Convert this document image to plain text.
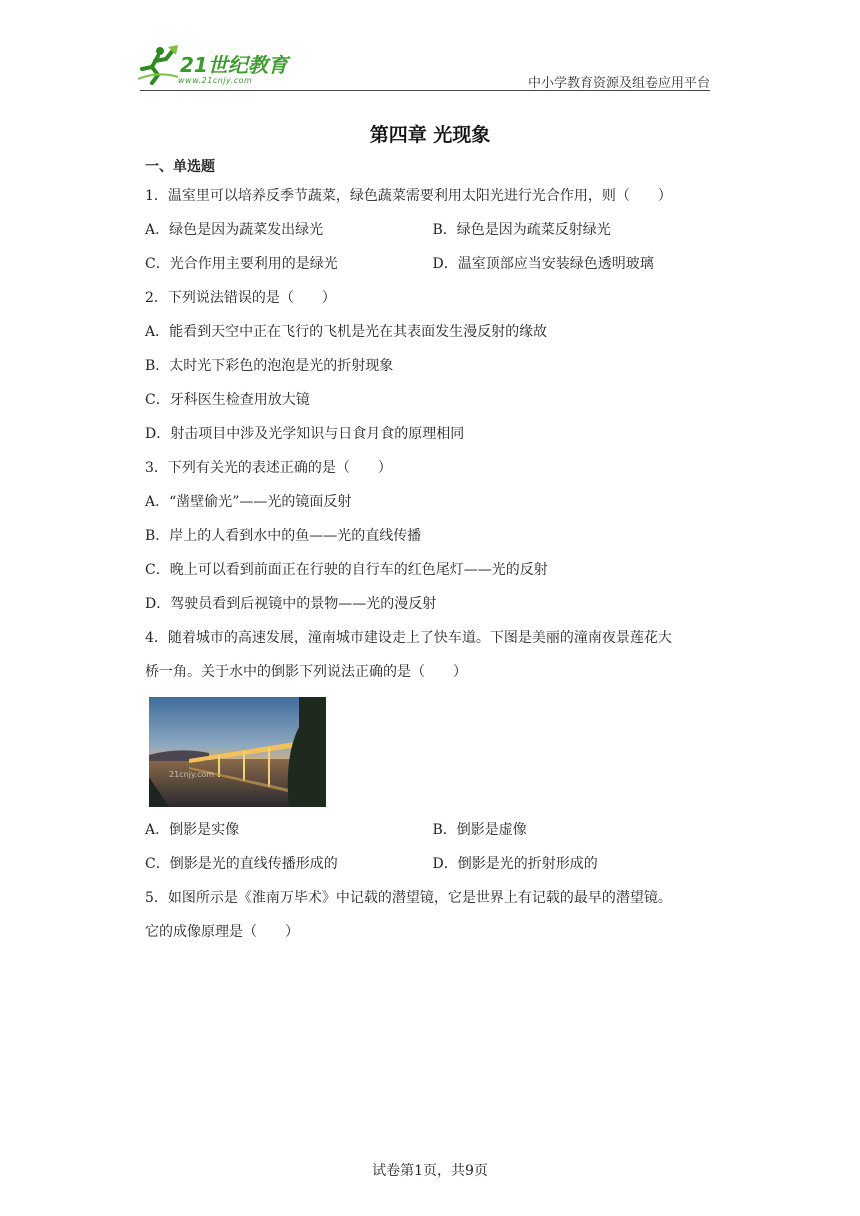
21世纪教育
www.21cnjy.com	中小学教育资源及组卷应用平台
第四章 光现象
一、单选题
1．温室里可以培养反季节蔬菜，绿色蔬菜需要利用太阳光进行光合作用，则（　　）
A．绿色是因为蔬菜发出绿光	B．绿色是因为疏菜反射绿光
C．光合作用主要利用的是绿光	D．温室顶部应当安装绿色透明玻璃
2．下列说法错误的是（　　）
A．能看到天空中正在飞行的飞机是光在其表面发生漫反射的缘故
B．太时光下彩色的泡泡是光的折射现象
C．牙科医生检查用放大镜
D．射击项目中涉及光学知识与日食月食的原理相同
3．下列有关光的表述正确的是（　　）
A．“凿壁偷光”——光的镜面反射
B．岸上的人看到水中的鱼——光的直线传播
C．晚上可以看到前面正在行驶的自行车的红色尾灯——光的反射
D．驾驶员看到后视镜中的景物——光的漫反射
4．随着城市的高速发展，潼南城市建设走上了快车道。下图是美丽的潼南夜景莲花大
桥一角。关于水中的倒影下列说法正确的是（　　）
21cnjy.com
A．倒影是实像	B．倒影是虚像
C．倒影是光的直线传播形成的	D．倒影是光的折射形成的
5．如图所示是《淮南万毕术》中记载的潜望镜，它是世界上有记载的最早的潜望镜。
它的成像原理是（　　）
试卷第1页，共9页
